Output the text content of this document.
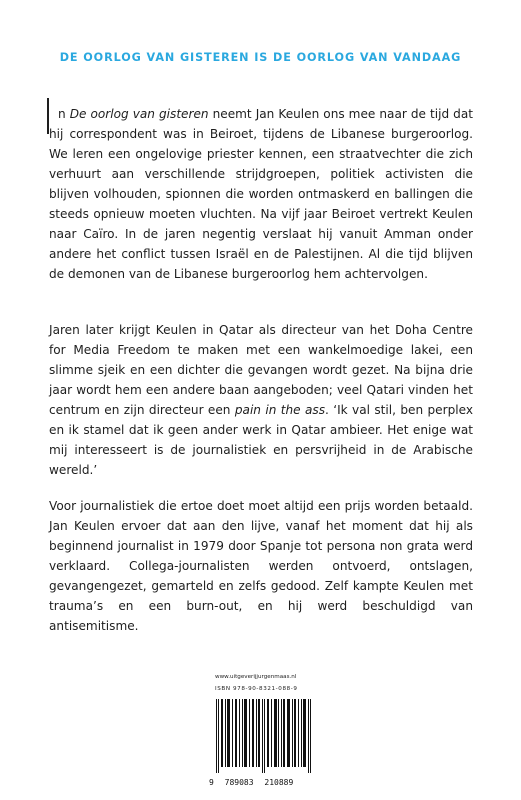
DE OORLOG VAN GISTEREN IS DE OORLOG VAN VANDAAG
n De oorlog van gisteren neemt Jan Keulen ons mee naar de tijd dat hij correspondent was in Beiroet, tijdens de Libanese burgeroorlog. We leren een ongelovige priester kennen, een straatvechter die zich verhuurt aan verschillende strijdgroepen, politiek activisten die blijven volhouden, spionnen die worden ontmaskerd en ballingen die steeds opnieuw moeten vluchten. Na vijf jaar Beiroet vertrekt Keulen naar Caïro. In de jaren negentig verslaat hij vanuit Amman onder andere het conflict tussen Israël en de Palestijnen. Al die tijd blijven de demonen van de Libanese burgeroorlog hem achtervolgen.
Jaren later krijgt Keulen in Qatar als directeur van het Doha Centre for Media Freedom te maken met een wankelmoedige lakei, een slimme sjeik en een dichter die gevangen wordt gezet. Na bijna drie jaar wordt hem een andere baan aangeboden; veel Qatari vinden het centrum en zijn directeur een pain in the ass. ‘Ik val stil, ben perplex en ik stamel dat ik geen ander werk in Qatar ambieer. Het enige wat mij interesseert is de journalistiek en persvrijheid in de Arabische wereld.’
Voor journalistiek die ertoe doet moet altijd een prijs worden betaald. Jan Keulen ervoer dat aan den lijve, vanaf het moment dat hij als beginnend journalist in 1979 door Spanje tot persona non grata werd verklaard. Collega-journalisten werden ontvoerd, ontslagen, gevangengezet, gemarteld en zelfs gedood. Zelf kampte Keulen met trauma’s en een burn-out, en hij werd beschuldigd van antisemitisme.
www.uitgeverijjurgenmaas.nl
ISBN 978-90-8321-088-9
9 789083 210889
